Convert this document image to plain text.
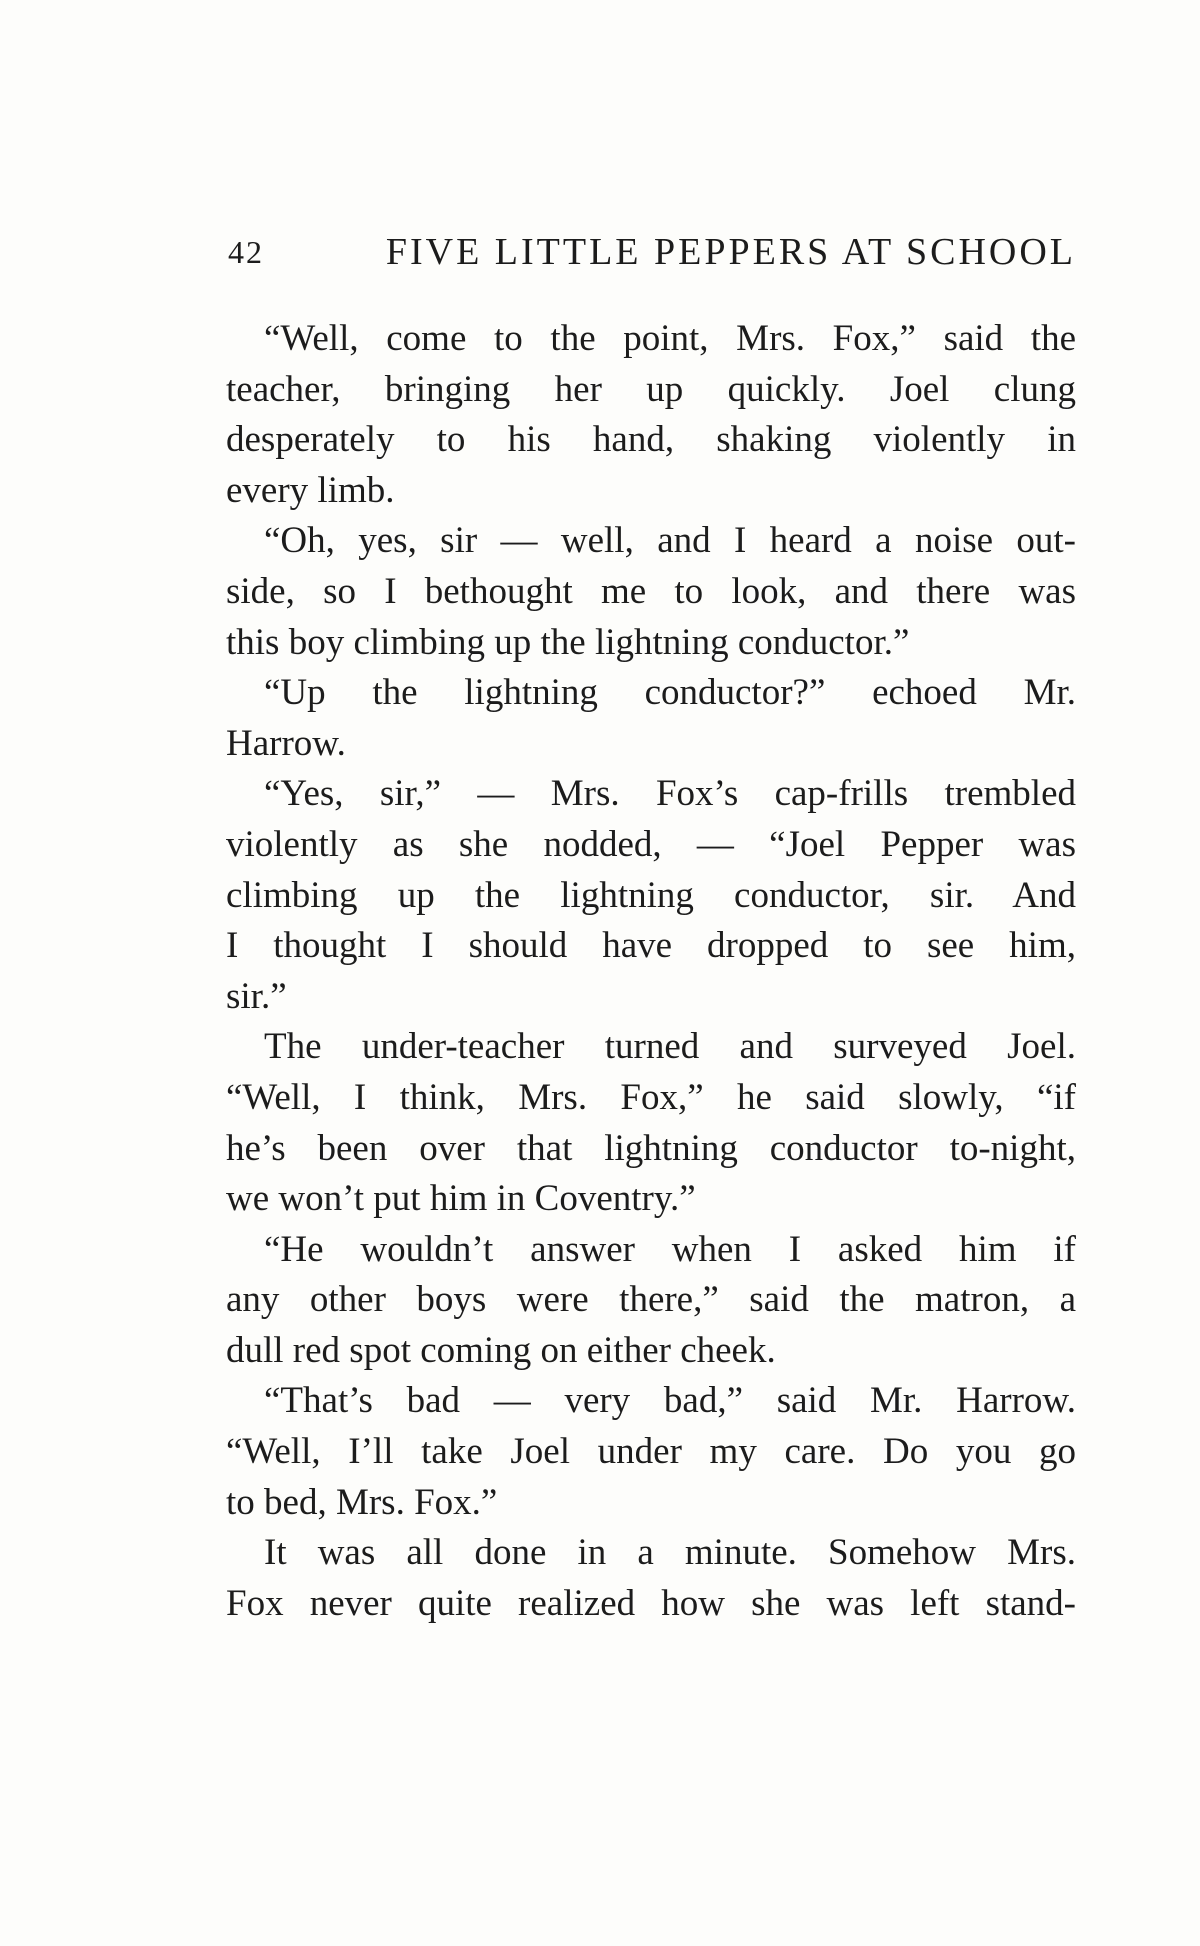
42	FIVE LITTLE PEPPERS AT SCHOOL
“Well, come to the point, Mrs. Fox,” said the
teacher, bringing her up quickly. Joel clung
desperately to his hand, shaking violently in
every limb.
“Oh, yes, sir — well, and I heard a noise out-
side, so I bethought me to look, and there was
this boy climbing up the lightning conductor.”
“Up the lightning conductor?” echoed Mr.
Harrow.
“Yes, sir,” — Mrs. Fox’s cap-frills trembled
violently as she nodded, — “Joel Pepper was
climbing up the lightning conductor, sir. And
I thought I should have dropped to see him,
sir.”
The under-teacher turned and surveyed Joel.
“Well, I think, Mrs. Fox,” he said slowly, “if
he’s been over that lightning conductor to-night,
we won’t put him in Coventry.”
“He wouldn’t answer when I asked him if
any other boys were there,” said the matron, a
dull red spot coming on either cheek.
“That’s bad — very bad,” said Mr. Harrow.
“Well, I’ll take Joel under my care. Do you go
to bed, Mrs. Fox.”
It was all done in a minute. Somehow Mrs.
Fox never quite realized how she was left stand-
